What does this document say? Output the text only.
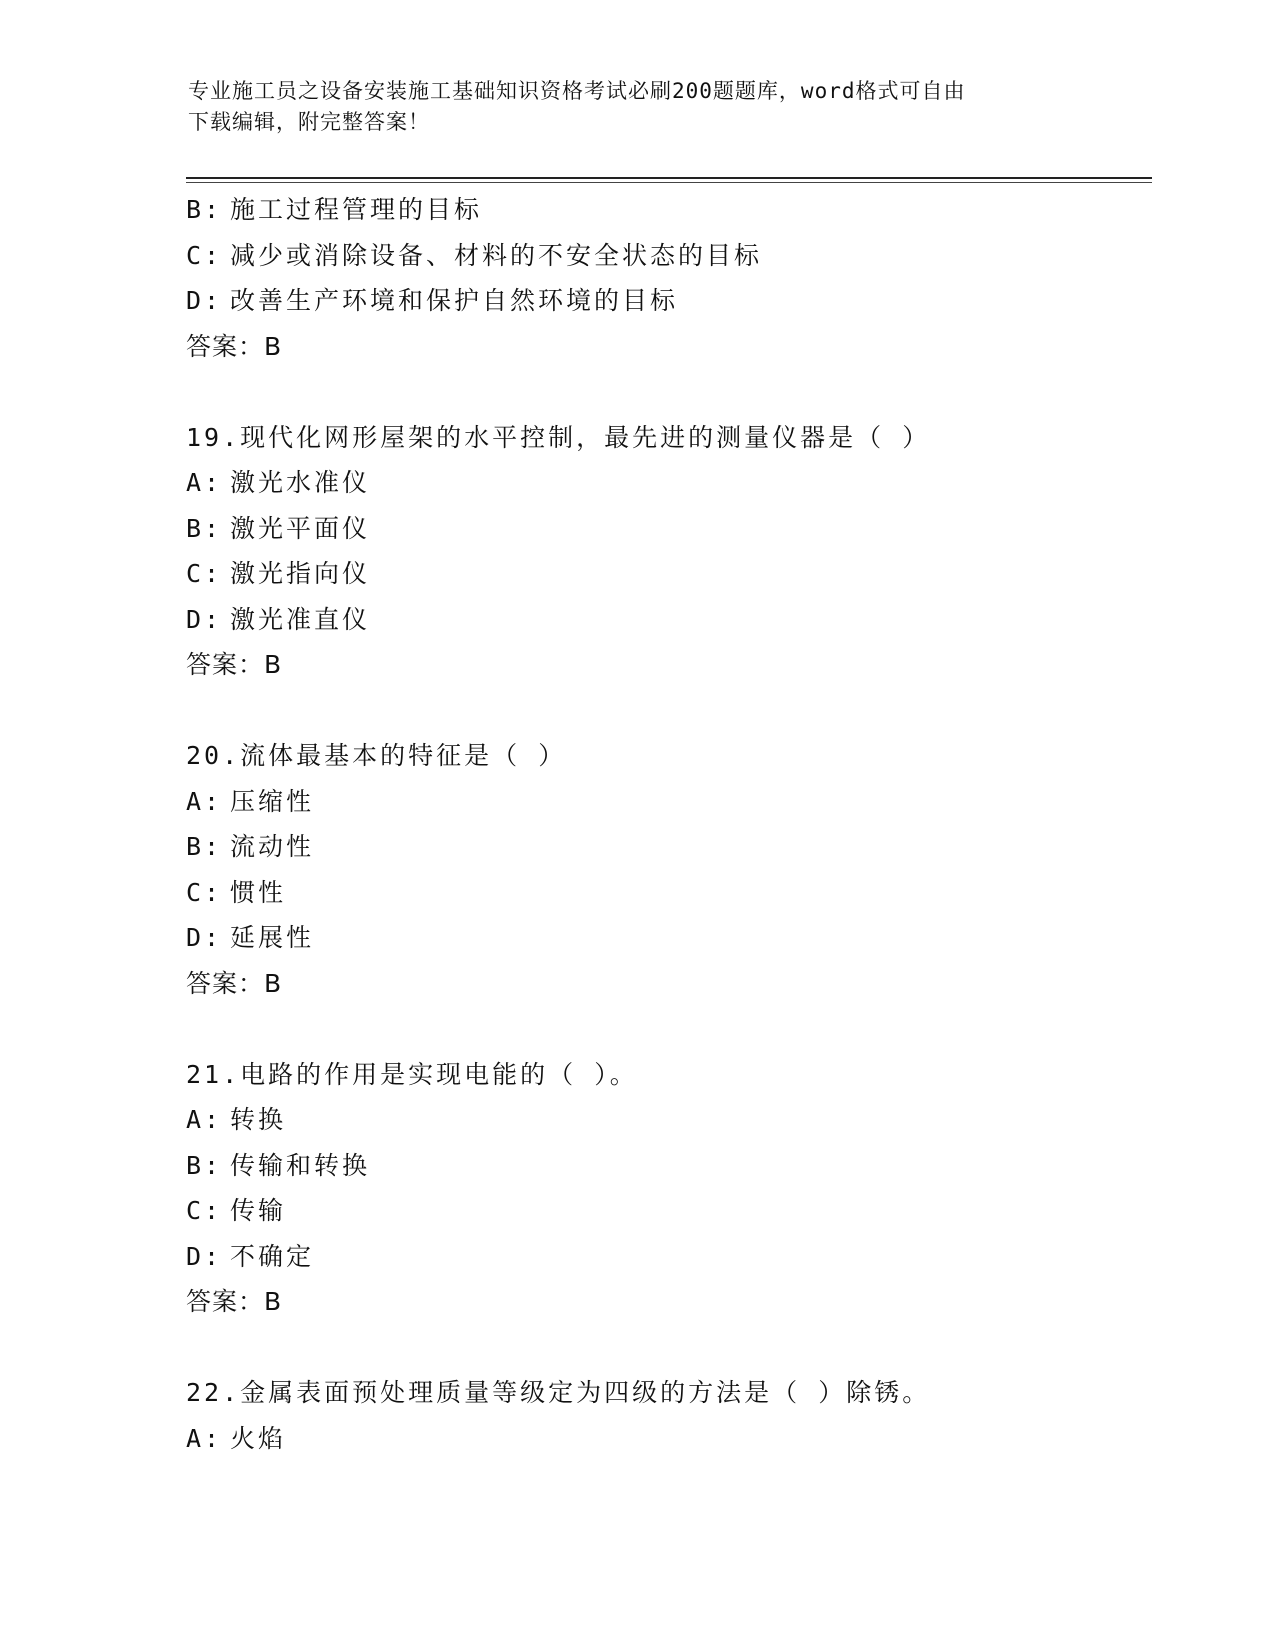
专业施工员之设备安装施工基础知识资格考试必刷200题题库，word格式可自由
下载编辑，附完整答案！
B: 施工过程管理的目标
C: 减少或消除设备、材料的不安全状态的目标
D: 改善生产环境和保护自然环境的目标
答案：B
19.现代化网形屋架的水平控制，最先进的测量仪器是（ ）
A: 激光水准仪
B: 激光平面仪
C: 激光指向仪
D: 激光准直仪
答案：B
20.流体最基本的特征是（ ）
A: 压缩性
B: 流动性
C: 惯性
D: 延展性
答案：B
21.电路的作用是实现电能的（ ）。
A: 转换
B: 传输和转换
C: 传输
D: 不确定
答案：B
22.金属表面预处理质量等级定为四级的方法是（ ）除锈。
A: 火焰
